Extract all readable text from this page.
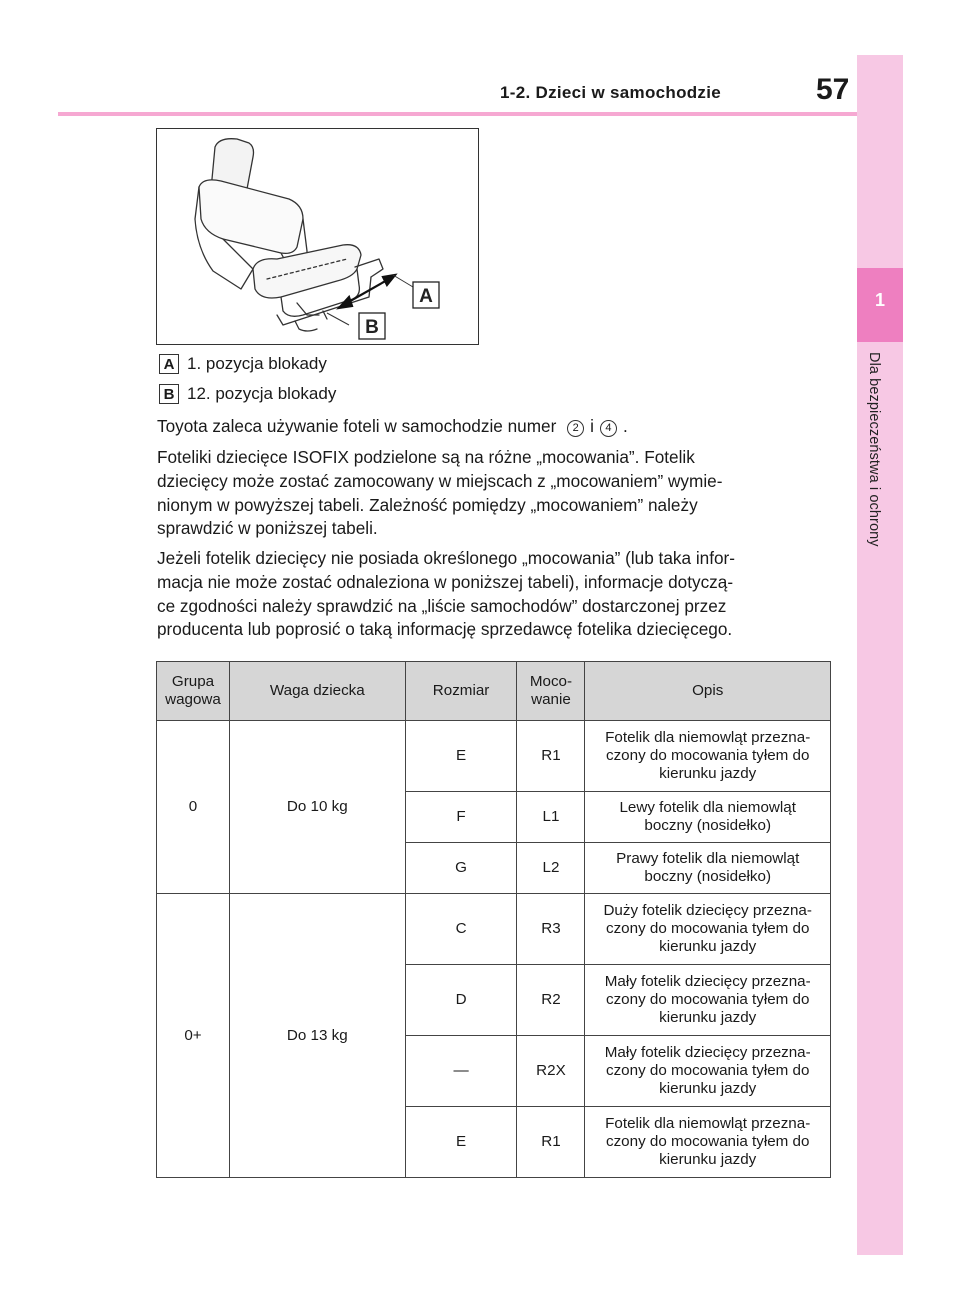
1-2. Dzieci w samochodzie	57
1
Dla bezpieczeństwa i ochrony
A
B
A 1. pozycja blokady
B 12. pozycja blokady
Toyota zaleca używanie foteli w samochodzie numer 2 i 4 .
Foteliki dziecięce ISOFIX podzielone są na różne „mocowania”. Fotelik
dziecięcy może zostać zamocowany w miejscach z „mocowaniem” wymie-
nionym w powyższej tabeli. Zależność pomiędzy „mocowaniem” należy
sprawdzić w poniższej tabeli.
Jeżeli fotelik dziecięcy nie posiada określonego „mocowania” (lub taka infor-
macja nie może zostać odnaleziona w poniższej tabeli), informacje dotyczą-
ce zgodności należy sprawdzić na „liście samochodów” dostarczonej przez
producenta lub poprosić o taką informację sprzedawcę fotelika dziecięcego.
Grupa
wagowa	Waga dziecka	Rozmiar	Moco-
wanie	Opis
0	Do 10 kg	E	R1	Fotelik dla niemowląt przezna-
czony do mocowania tyłem do
kierunku jazdy
		F	L1	Lewy fotelik dla niemowląt
boczny (nosidełko)
		G	L2	Prawy fotelik dla niemowląt
boczny (nosidełko)
0+	Do 13 kg	C	R3	Duży fotelik dziecięcy przezna-
czony do mocowania tyłem do
kierunku jazdy
		D	R2	Mały fotelik dziecięcy przezna-
czony do mocowania tyłem do
kierunku jazdy
		—	R2X	Mały fotelik dziecięcy przezna-
czony do mocowania tyłem do
kierunku jazdy
		E	R1	Fotelik dla niemowląt przezna-
czony do mocowania tyłem do
kierunku jazdy
